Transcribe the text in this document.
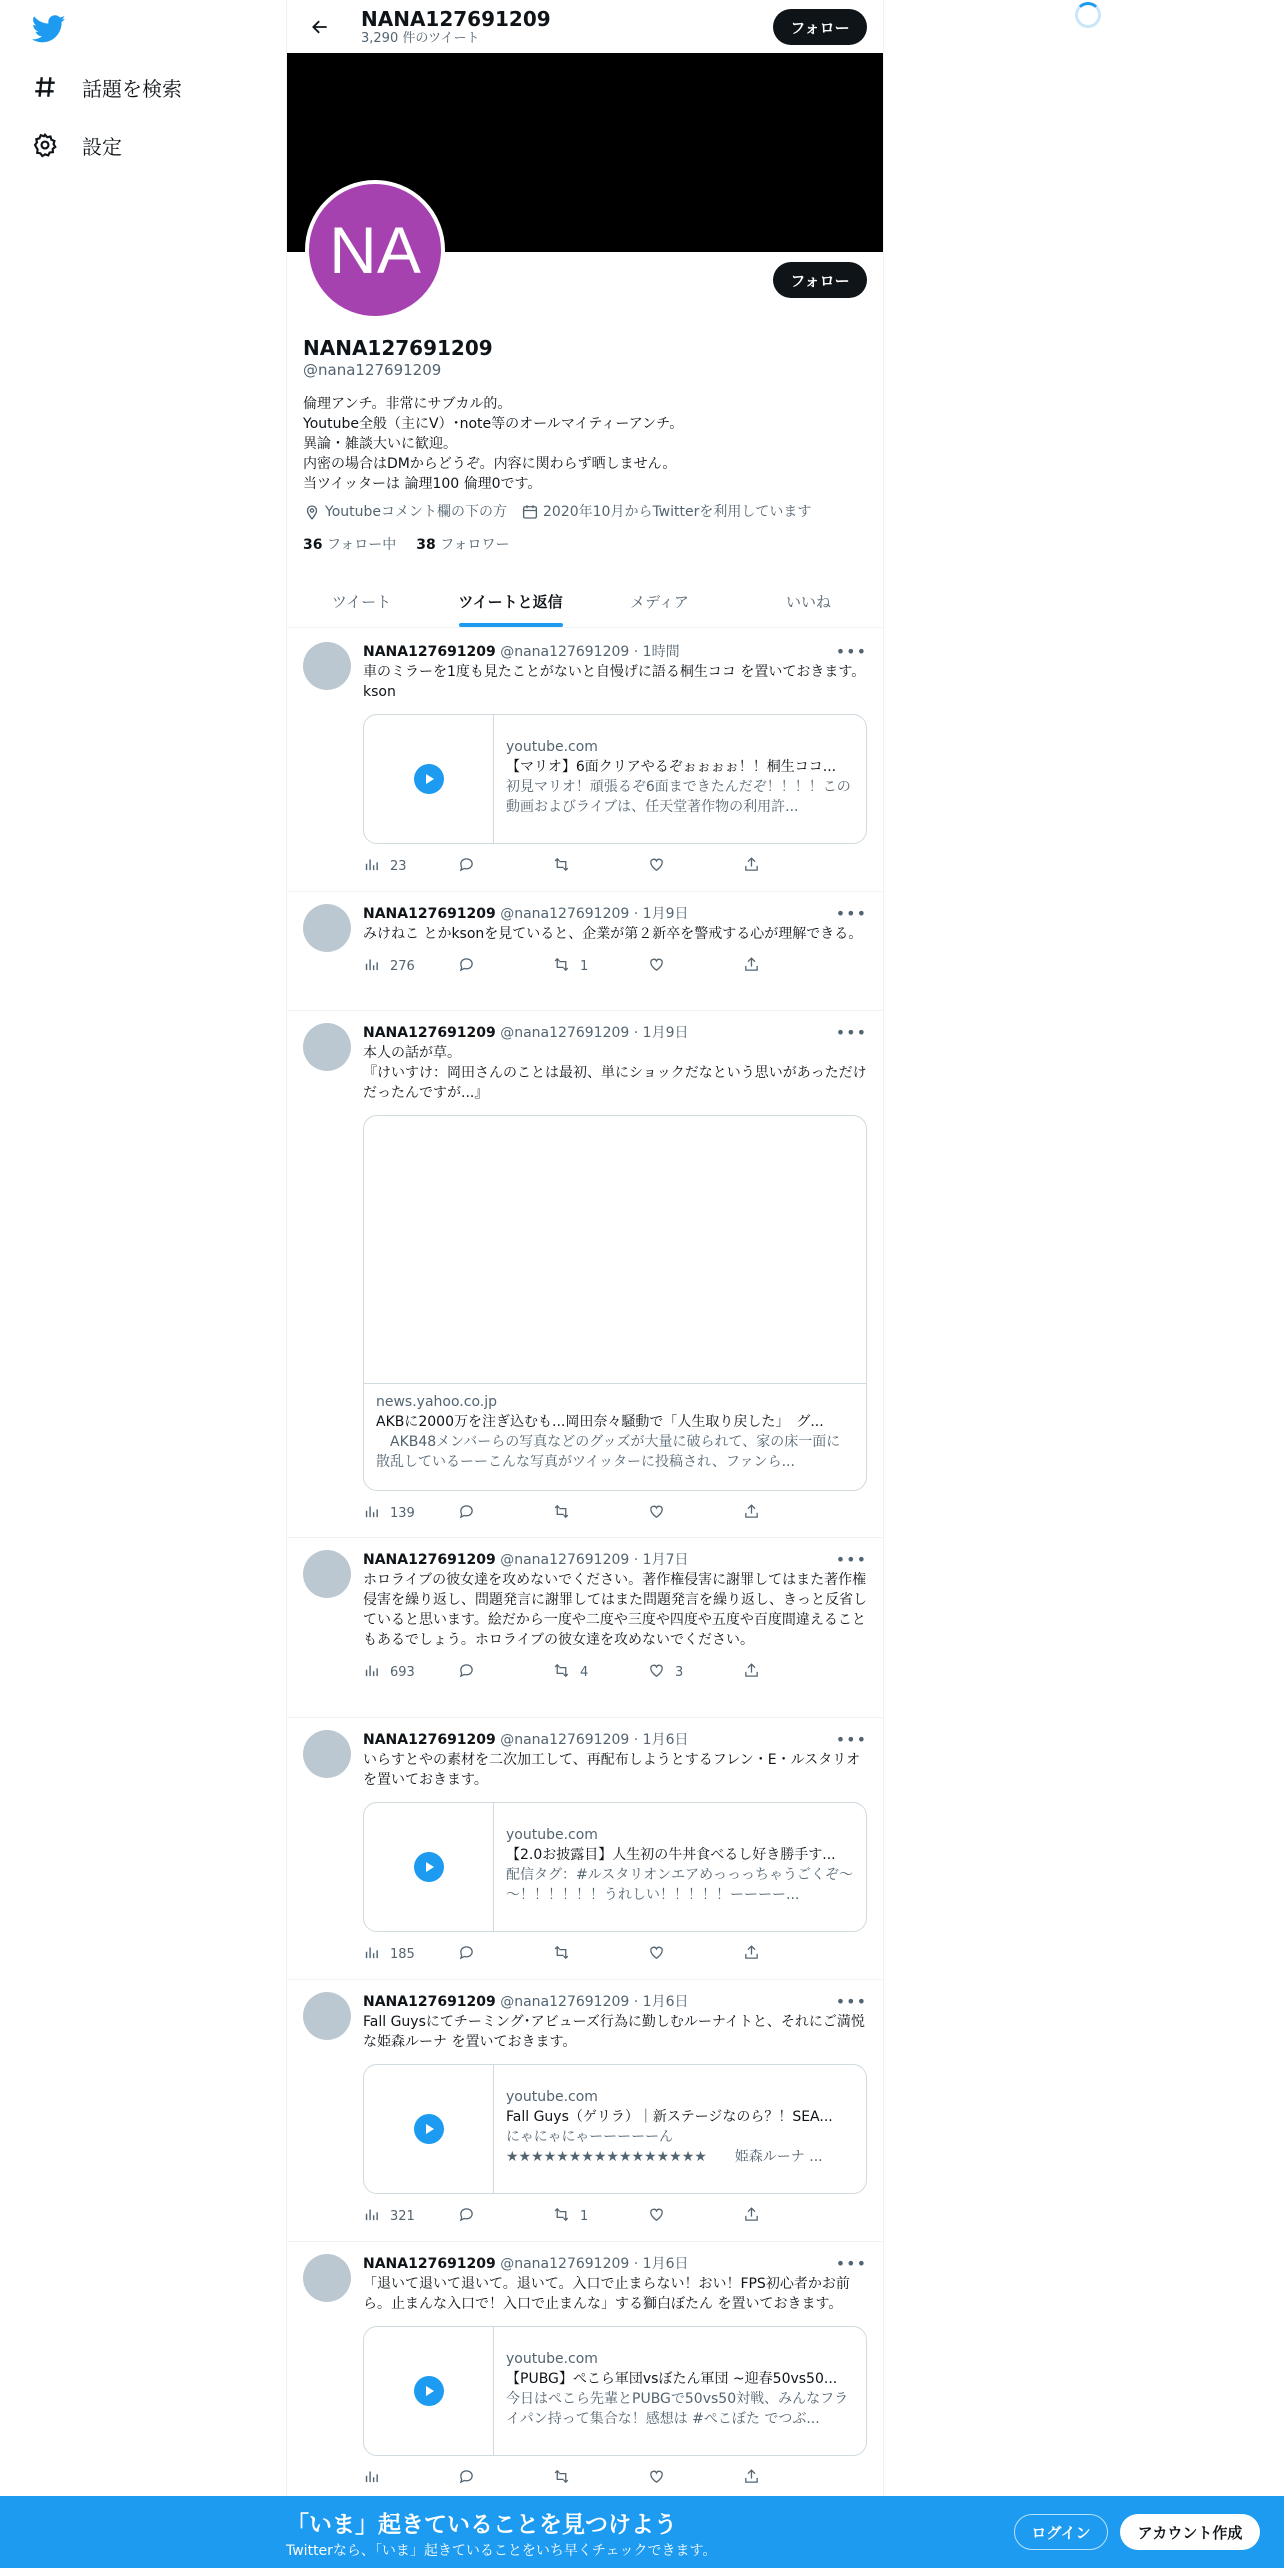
話題を検索
設定
NANA127691209
3,290 件のツイート
フォロー
NA	フォロー
NANA127691209
@nana127691209
倫理アンチ。非常にサブカル的。
Youtube全般（主にV）･note等のオールマイティーアンチ。
異論・雑談大いに歓迎。
内密の場合はDMからどうぞ。内容に関わらず晒しません。
当ツイッターは 論理100 倫理0です。
Youtubeコメント欄の下の方	2020年10月からTwitterを利用しています
36 フォロー中 38 フォロワー
ツイート	ツイートと返信	メディア	いいね
NANA127691209 @nana127691209 · 1時間	•••
車のミラーを1度も見たことがないと自慢げに語る桐生ココ を置いておきます。kson
youtube.com
【マリオ】6面クリアやるぞぉぉぉぉ！！桐生ココ...
初見マリオ！頑張るぞ6面まできたんだぞ！！！！この動画およびライブは、任天堂著作物の利用許...
23
NANA127691209 @nana127691209 · 1月9日	•••
みけねこ とかksonを見ていると、企業が第２新卒を警戒する心が理解できる。
276	1
NANA127691209 @nana127691209 · 1月9日	•••
本人の話が草。
『けいすけ：岡田さんのことは最初、単にショックだなという思いがあっただけだったんですが...』
news.yahoo.co.jp
AKBに2000万を注ぎ込むも...岡田奈々騒動で「人生取り戻した」　グ...
　AKB48メンバーらの写真などのグッズが大量に破られて、家の床一面に散乱しているーーこんな写真がツイッターに投稿され、ファンら...
139
NANA127691209 @nana127691209 · 1月7日	•••
ホロライブの彼女達を攻めないでください。著作権侵害に謝罪してはまた著作権侵害を繰り返し、問題発言に謝罪してはまた問題発言を繰り返し、きっと反省していると思います。絵だから一度や二度や三度や四度や五度や百度間違えることもあるでしょう。ホロライブの彼女達を攻めないでください。
693	4	3
NANA127691209 @nana127691209 · 1月6日	•••
いらすとやの素材を二次加工して、再配布しようとするフレン・E・ルスタリオ を置いておきます。
youtube.com
【2.0お披露目】人生初の牛丼食べるし好き勝手す...
配信タグ：#ルスタリオンエアめっっっちゃうごくぞ～～！！！！！！うれしい！！！！！ーーーー...
185
NANA127691209 @nana127691209 · 1月6日	•••
Fall Guysにてチーミング･アビューズ行為に勤しむルーナイトと、それにご満悦な姫森ルーナ を置いておきます。
youtube.com
Fall Guys（ゲリラ）｜新ステージなのら？！SEA...
にゃにゃにゃーーーーーん
★★★★★★★★★★★★★★★★　　姫森ルーナ ...
321	1
NANA127691209 @nana127691209 · 1月6日	•••
「退いて退いて退いて。退いて。入口で止まらない！おい！FPS初心者かお前ら。止まんな入口で！入口で止まんな」する獅白ぼたん を置いておきます。
youtube.com
【PUBG】ぺこら軍団vsぼたん軍団 ~迎春50vs50...
今日はぺこら先輩とPUBGで50vs50対戦、みんなフライパン持って集合な！感想は #ぺこぼた でつぶ...
「いま」起きていることを見つけよう
Twitterなら、「いま」起きていることをいち早くチェックできます。
ログイン	アカウント作成
